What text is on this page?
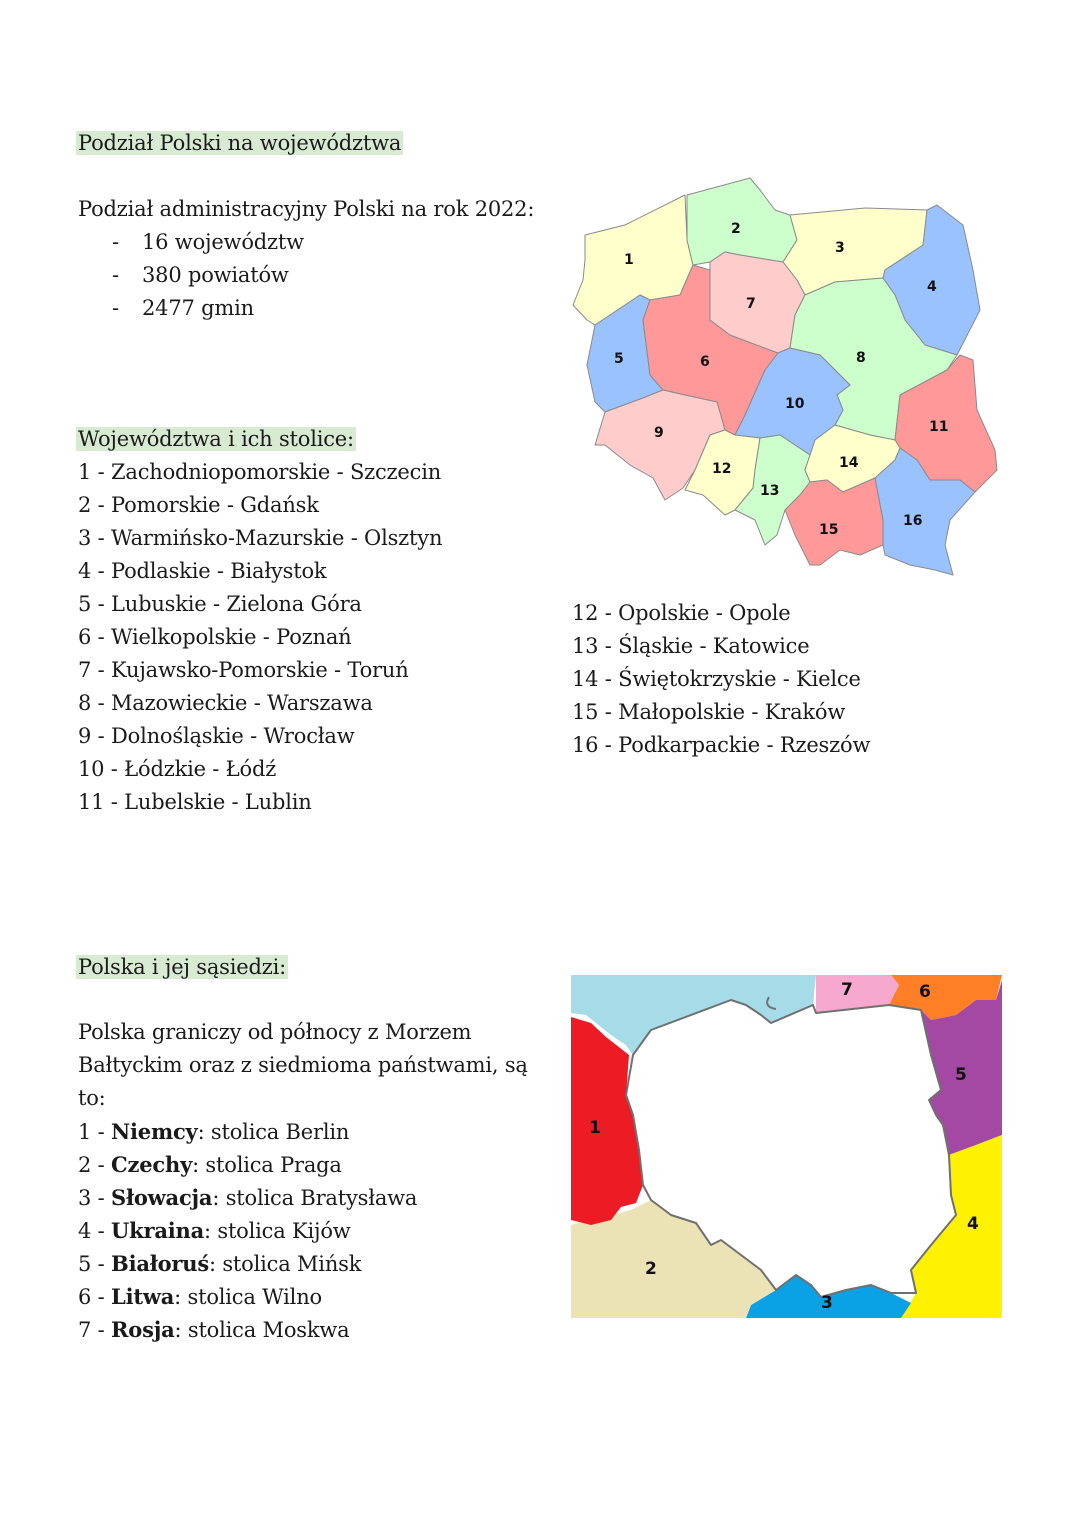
Podział Polski na województwa
Podział administracyjny Polski na rok 2022:
- 16 województw
- 380 powiatów
- 2477 gmin
Województwa i ich stolice:
1 - Zachodniopomorskie - Szczecin
2 - Pomorskie - Gdańsk
3 - Warmińsko-Mazurskie - Olsztyn
4 - Podlaskie - Białystok
5 - Lubuskie - Zielona Góra
6 - Wielkopolskie - Poznań
7 - Kujawsko-Pomorskie - Toruń
8 - Mazowieckie - Warszawa
9 - Dolnośląskie - Wrocław
10 - Łódzkie - Łódź
11 - Lubelskie - Lublin
12 - Opolskie - Opole
13 - Śląskie - Katowice
14 - Świętokrzyskie - Kielce
15 - Małopolskie - Kraków
16 - Podkarpackie - Rzeszów
1
2
3
4
5	6
7
8
9
10
11
12
13
14
15
16
Polska i jej sąsiedzi:
Polska graniczy od północy z Morzem
Bałtyckim oraz z siedmioma państwami, są
to:
1 - Niemcy: stolica Berlin
2 - Czechy: stolica Praga
3 - Słowacja: stolica Bratysława
4 - Ukraina: stolica Kijów
5 - Białoruś: stolica Mińsk
6 - Litwa: stolica Wilno
7 - Rosja: stolica Moskwa
1
2
3
4
5
6
7
